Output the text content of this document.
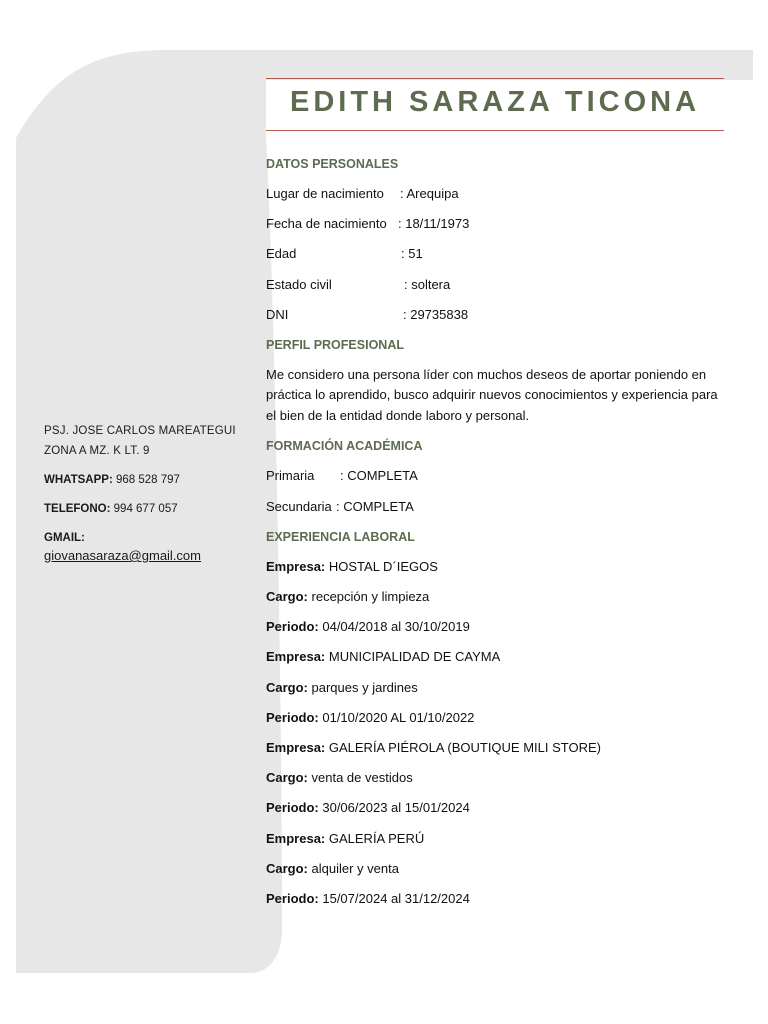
PSJ. JOSE CARLOS MAREATEGUI
ZONA A MZ. K LT. 9
WHATSAPP: 968 528 797
TELEFONO: 994 677 057
GMAIL:
giovanasaraza@gmail.com
EDITH SARAZA TICONA
DATOS PERSONALES
Lugar de nacimiento : Arequipa
Fecha de nacimiento : 18/11/1973
Edad	: 51
Estado civil	: soltera
DNI	: 29735838
PERFIL PROFESIONAL
Me considero una persona líder con muchos deseos de aportar poniendo en práctica lo aprendido, busco adquirir nuevos conocimientos y experiencia para el bien de la entidad donde laboro y personal.
FORMACIÓN ACADÉMICA
Primaria : COMPLETA
Secundaria : COMPLETA
EXPERIENCIA LABORAL
Empresa: HOSTAL D´IEGOS
Cargo: recepción y limpieza
Periodo: 04/04/2018 al 30/10/2019
Empresa: MUNICIPALIDAD DE CAYMA
Cargo: parques y jardines
Periodo: 01/10/2020 AL 01/10/2022
Empresa: GALERÍA PIÉROLA (BOUTIQUE MILI STORE)
Cargo: venta de vestidos
Periodo: 30/06/2023 al 15/01/2024
Empresa: GALERÍA PERÚ
Cargo: alquiler y venta
Periodo: 15/07/2024 al 31/12/2024
